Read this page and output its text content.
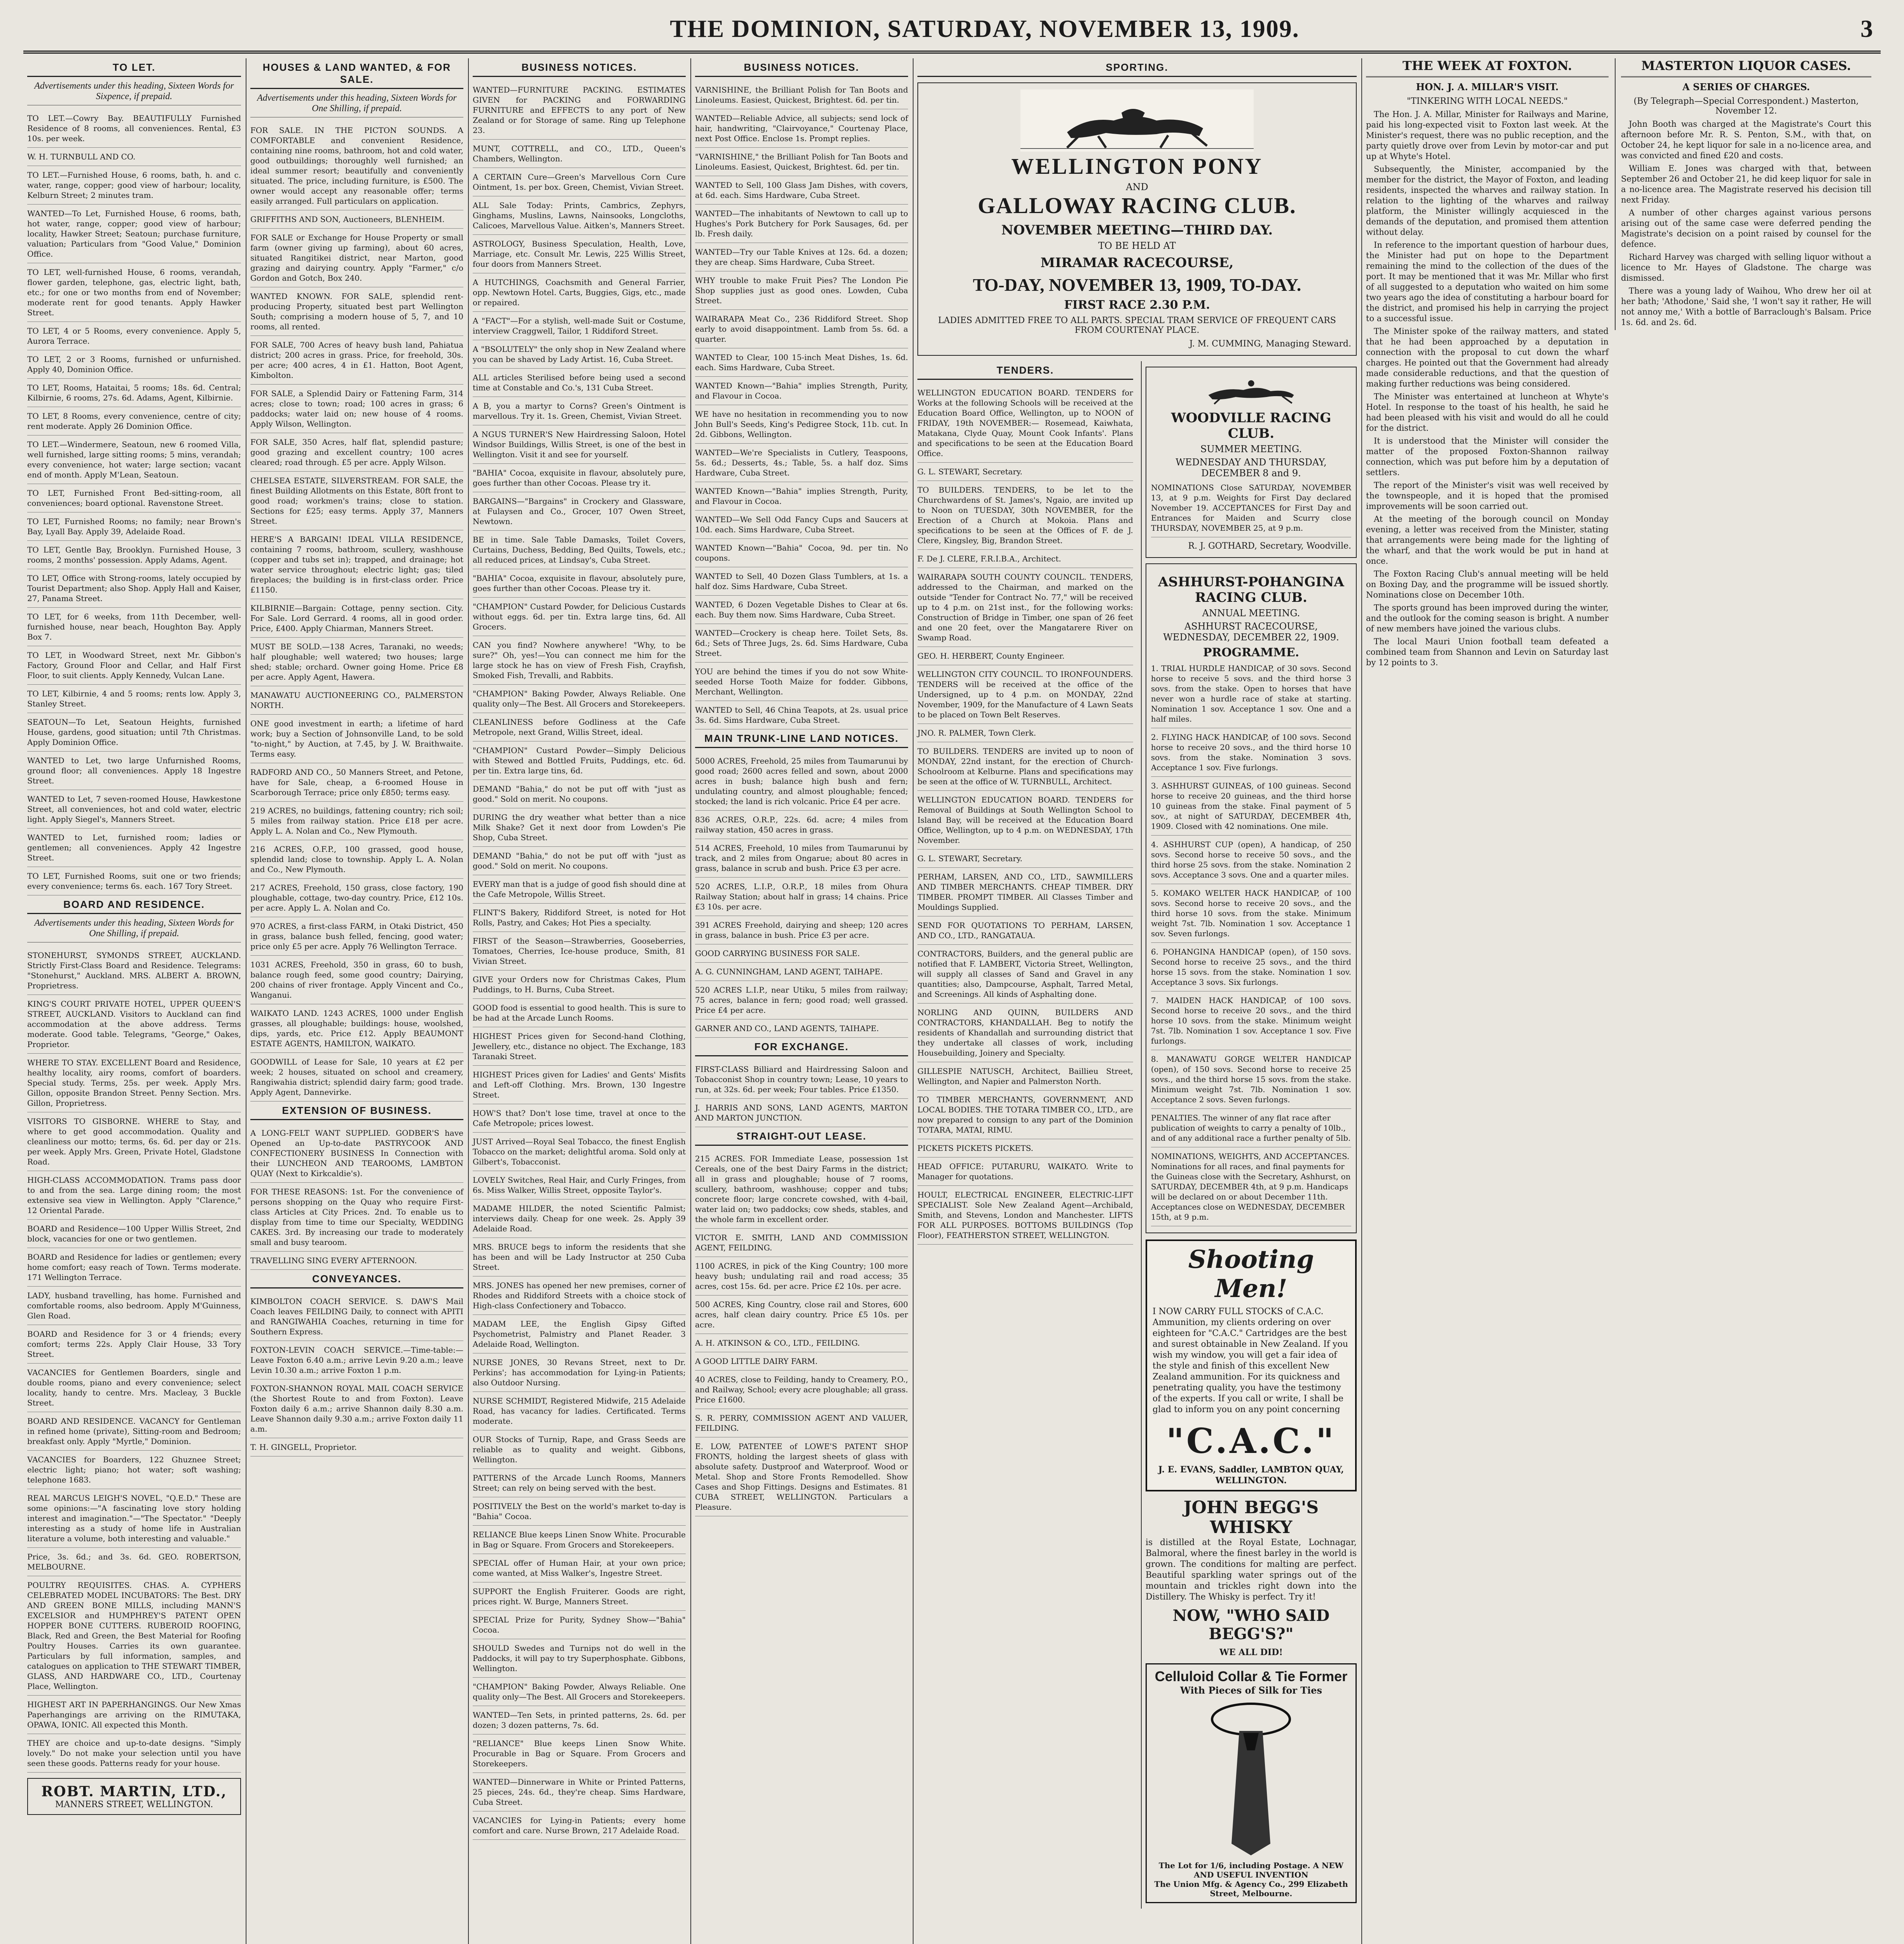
THE DOMINION, SATURDAY, NOVEMBER 13, 1909.	3
TO LET.
Advertisements under this heading, Sixteen Words for Sixpence, if prepaid.
TO LET.—Cowry Bay. BEAUTIFULLY Furnished Residence of 8 rooms, all conveniences. Rental, £3 10s. per week.
W. H. TURNBULL AND CO.
TO LET.—Furnished House, 6 rooms, bath, h. and c. water, range, copper; good view of harbour; locality, Kelburn Street; 2 minutes tram.
WANTED—To Let, Furnished House, 6 rooms, bath, hot water, range, copper; good view of harbour; locality, Hawker Street; Seatoun; purchase furniture, valuation; Particulars from "Good Value," Dominion Office.
TO LET, well-furnished House, 6 rooms, verandah, flower garden, telephone, gas, electric light, bath, etc.; for one or two months from end of November; moderate rent for good tenants. Apply Hawker Street.
TO LET, 4 or 5 Rooms, every convenience. Apply 5, Aurora Terrace.
TO LET, 2 or 3 Rooms, furnished or unfurnished. Apply 40, Dominion Office.
TO LET, Rooms, Hataitai, 5 rooms; 18s. 6d. Central; Kilbirnie, 6 rooms, 27s. 6d. Adams, Agent, Kilbirnie.
TO LET, 8 Rooms, every convenience, centre of city; rent moderate. Apply 26 Dominion Office.
TO LET.—Windermere, Seatoun, new 6 roomed Villa, well furnished, large sitting rooms; 5 mins, verandah; every convenience, hot water; large section; vacant end of month. Apply M'Lean, Seatoun.
TO LET, Furnished Front Bed-sitting-room, all conveniences; board optional. Ravenstone Street.
TO LET, Furnished Rooms; no family; near Brown's Bay, Lyall Bay. Apply 39, Adelaide Road.
TO LET, Gentle Bay, Brooklyn. Furnished House, 3 rooms, 2 months' possession. Apply Adams, Agent.
TO LET, Office with Strong-rooms, lately occupied by Tourist Department; also Shop. Apply Hall and Kaiser, 27, Panama Street.
TO LET, for 6 weeks, from 11th December, well-furnished house, near beach, Houghton Bay. Apply Box 7.
TO LET, in Woodward Street, next Mr. Gibbon's Factory, Ground Floor and Cellar, and Half First Floor, to suit clients. Apply Kennedy, Vulcan Lane.
TO LET, Kilbirnie, 4 and 5 rooms; rents low. Apply 3, Stanley Street.
SEATOUN—To Let, Seatoun Heights, furnished House, gardens, good situation; until 7th Christmas. Apply Dominion Office.
WANTED to Let, two large Unfurnished Rooms, ground floor; all conveniences. Apply 18 Ingestre Street.
WANTED to Let, 7 seven-roomed House, Hawkestone Street, all conveniences, hot and cold water, electric light. Apply Siegel's, Manners Street.
WANTED to Let, furnished room; ladies or gentlemen; all conveniences. Apply 42 Ingestre Street.
TO LET, Furnished Rooms, suit one or two friends; every convenience; terms 6s. each. 167 Tory Street.
BOARD AND RESIDENCE.
Advertisements under this heading, Sixteen Words for One Shilling, if prepaid.
STONEHURST, SYMONDS STREET, AUCKLAND. Strictly First-Class Board and Residence. Telegrams: "Stonehurst," Auckland. MRS. ALBERT A. BROWN, Proprietress.
KING'S COURT PRIVATE HOTEL, UPPER QUEEN'S STREET, AUCKLAND. Visitors to Auckland can find accommodation at the above address. Terms moderate. Good table. Telegrams, "George," Oakes, Proprietor.
WHERE TO STAY. EXCELLENT Board and Residence, healthy locality, airy rooms, comfort of boarders. Special study. Terms, 25s. per week. Apply Mrs. Gillon, opposite Brandon Street. Penny Section. Mrs. Gillon, Proprietress.
VISITORS TO GISBORNE. WHERE to Stay, and where to get good accommodation. Quality and cleanliness our motto; terms, 6s. 6d. per day or 21s. per week. Apply Mrs. Green, Private Hotel, Gladstone Road.
HIGH-CLASS ACCOMMODATION. Trams pass door to and from the sea. Large dining room; the most extensive sea view in Wellington. Apply "Clarence," 12 Oriental Parade.
BOARD and Residence—100 Upper Willis Street, 2nd block, vacancies for one or two gentlemen.
BOARD and Residence for ladies or gentlemen; every home comfort; easy reach of Town. Terms moderate. 171 Wellington Terrace.
LADY, husband travelling, has home. Furnished and comfortable rooms, also bedroom. Apply M'Guinness, Glen Road.
BOARD and Residence for 3 or 4 friends; every comfort; terms 22s. Apply Clair House, 33 Tory Street.
VACANCIES for Gentlemen Boarders, single and double rooms, piano and every convenience; select locality, handy to centre. Mrs. Macleay, 3 Buckle Street.
BOARD AND RESIDENCE. VACANCY for Gentleman in refined home (private), Sitting-room and Bedroom; breakfast only. Apply "Myrtle," Dominion.
VACANCIES for Boarders, 122 Ghuznee Street; electric light; piano; hot water; soft washing; telephone 1683.
REAL MARCUS LEIGH'S NOVEL, "Q.E.D." These are some opinions:—"A fascinating love story holding interest and imagination."—"The Spectator." "Deeply interesting as a study of home life in Australian literature a volume, both interesting and valuable."
Price, 3s. 6d.; and 3s. 6d. GEO. ROBERTSON, MELBOURNE.
POULTRY REQUISITES. CHAS. A. CYPHERS CELEBRATED MODEL INCUBATORS: The Best. DRY AND GREEN BONE MILLS, including MANN'S EXCELSIOR and HUMPHREY'S PATENT OPEN HOPPER BONE CUTTERS. RUBEROID ROOFING, Black, Red and Green, the Best Material for Roofing Poultry Houses. Carries its own guarantee. Particulars by full information, samples, and catalogues on application to THE STEWART TIMBER, GLASS, AND HARDWARE CO., LTD., Courtenay Place, Wellington.
HIGHEST ART IN PAPERHANGINGS. Our New Xmas Paperhangings are arriving on the RIMUTAKA, OPAWA, IONIC. All expected this Month.
THEY are choice and up-to-date designs. "Simply lovely." Do not make your selection until you have seen these goods. Patterns ready for your house.
ROBT. MARTIN, LTD.,
MANNERS STREET, WELLINGTON.
HOUSES & LAND WANTED, & FOR SALE.
Advertisements under this heading, Sixteen Words for One Shilling, if prepaid.
FOR SALE. IN THE PICTON SOUNDS. A COMFORTABLE and convenient Residence, containing nine rooms, bathroom, hot and cold water, good outbuildings; thoroughly well furnished; an ideal summer resort; beautifully and conveniently situated. The price, including furniture, is £500. The owner would accept any reasonable offer; terms easily arranged. Full particulars on application.
GRIFFITHS AND SON, Auctioneers, BLENHEIM.
FOR SALE or Exchange for House Property or small farm (owner giving up farming), about 60 acres, situated Rangitikei district, near Marton, good grazing and dairying country. Apply "Farmer," c/o Gordon and Gotch, Box 240.
WANTED KNOWN. FOR SALE, splendid rent-producing Property, situated best part Wellington South; comprising a modern house of 5, 7, and 10 rooms, all rented.
FOR SALE, 700 Acres of heavy bush land, Pahiatua district; 200 acres in grass. Price, for freehold, 30s. per acre; 400 acres, 4 in £1. Hatton, Boot Agent, Kimbolton.
FOR SALE, a Splendid Dairy or Fattening Farm, 314 acres; close to town; road; 100 acres in grass; 6 paddocks; water laid on; new house of 4 rooms. Apply Wilson, Wellington.
FOR SALE, 350 Acres, half flat, splendid pasture; good grazing and excellent country; 100 acres cleared; road through. £5 per acre. Apply Wilson.
CHELSEA ESTATE, SILVERSTREAM. FOR SALE, the finest Building Allotments on this Estate, 80ft front to good road; workmen's trains; close to station. Sections for £25; easy terms. Apply 37, Manners Street.
HERE'S A BARGAIN! IDEAL VILLA RESIDENCE, containing 7 rooms, bathroom, scullery, washhouse (copper and tubs set in); trapped, and drainage; hot water service throughout; electric light; gas; tiled fireplaces; the building is in first-class order. Price £1150.
KILBIRNIE—Bargain: Cottage, penny section. City. For Sale. Lord Gerrard. 4 rooms, all in good order. Price, £400. Apply Chiarman, Manners Street.
MUST BE SOLD.—138 Acres, Taranaki, no weeds; half ploughable; well watered; two houses; large shed; stable; orchard. Owner going Home. Price £8 per acre. Apply Agent, Hawera.
MANAWATU AUCTIONEERING CO., PALMERSTON NORTH.
ONE good investment in earth; a lifetime of hard work; buy a Section of Johnsonville Land, to be sold "to-night," by Auction, at 7.45, by J. W. Braithwaite. Terms easy.
RADFORD AND CO., 50 Manners Street, and Petone, have for Sale, cheap, a 6-roomed House in Scarborough Terrace; price only £850; terms easy.
219 ACRES, no buildings, fattening country; rich soil; 5 miles from railway station. Price £18 per acre. Apply L. A. Nolan and Co., New Plymouth.
216 ACRES, O.F.P., 100 grassed, good house, splendid land; close to township. Apply L. A. Nolan and Co., New Plymouth.
217 ACRES, Freehold, 150 grass, close factory, 190 ploughable, cottage, two-day country. Price, £12 10s. per acre. Apply L. A. Nolan and Co.
970 ACRES, a first-class FARM, in Otaki District, 450 in grass, balance bush felled, fencing, good water; price only £5 per acre. Apply 76 Wellington Terrace.
1031 ACRES, Freehold, 350 in grass, 60 to bush, balance rough feed, some good country; Dairying, 200 chains of river frontage. Apply Vincent and Co., Wanganui.
WAIKATO LAND. 1243 ACRES, 1000 under English grasses, all ploughable; buildings: house, woolshed, dips, yards, etc. Price £12. Apply BEAUMONT ESTATE AGENTS, HAMILTON, WAIKATO.
GOODWILL of Lease for Sale, 10 years at £2 per week; 2 houses, situated on school and creamery, Rangiwahia district; splendid dairy farm; good trade. Apply Agent, Dannevirke.
EXTENSION OF BUSINESS.
A LONG-FELT WANT SUPPLIED. GODBER'S have Opened an Up-to-date PASTRYCOOK AND CONFECTIONERY BUSINESS In Connection with their LUNCHEON AND TEAROOMS, LAMBTON QUAY (Next to Kirkcaldie's).
FOR THESE REASONS: 1st. For the convenience of persons shopping on the Quay who require First-class Articles at City Prices. 2nd. To enable us to display from time to time our Specialty, WEDDING CAKES. 3rd. By increasing our trade to moderately small and busy tearoom.
TRAVELLING SING EVERY AFTERNOON.
CONVEYANCES.
KIMBOLTON COACH SERVICE. S. DAW'S Mail Coach leaves FEILDING Daily, to connect with APITI and RANGIWAHIA Coaches, returning in time for Southern Express.
FOXTON-LEVIN COACH SERVICE.—Time-table:—Leave Foxton 6.40 a.m.; arrive Levin 9.20 a.m.; leave Levin 10.30 a.m.; arrive Foxton 1 p.m.
FOXTON-SHANNON ROYAL MAIL COACH SERVICE (the Shortest Route to and from Foxton). Leave Foxton daily 6 a.m.; arrive Shannon daily 8.30 a.m. Leave Shannon daily 9.30 a.m.; arrive Foxton daily 11 a.m.
T. H. GINGELL, Proprietor.
BUSINESS NOTICES.
WANTED—FURNITURE PACKING. ESTIMATES GIVEN for PACKING and FORWARDING FURNITURE and EFFECTS to any port of New Zealand or for Storage of same. Ring up Telephone 23.
MUNT, COTTRELL, and CO., LTD., Queen's Chambers, Wellington.
A CERTAIN Cure—Green's Marvellous Corn Cure Ointment, 1s. per box. Green, Chemist, Vivian Street.
ALL Sale Today: Prints, Cambrics, Zephyrs, Ginghams, Muslins, Lawns, Nainsooks, Longcloths, Calicoes, Marvellous Value. Aitken's, Manners Street.
ASTROLOGY, Business Speculation, Health, Love, Marriage, etc. Consult Mr. Lewis, 225 Willis Street, four doors from Manners Street.
A HUTCHINGS, Coachsmith and General Farrier, opp. Newtown Hotel. Carts, Buggies, Gigs, etc., made or repaired.
A "FACT"—For a stylish, well-made Suit or Costume, interview Craggwell, Tailor, 1 Riddiford Street.
A "BSOLUTELY" the only shop in New Zealand where you can be shaved by Lady Artist. 16, Cuba Street.
ALL articles Sterilised before being used a second time at Constable and Co.'s, 131 Cuba Street.
A B, you a martyr to Corns? Green's Ointment is marvellous. Try it. 1s. Green, Chemist, Vivian Street.
A NGUS TURNER'S New Hairdressing Saloon, Hotel Windsor Buildings, Willis Street, is one of the best in Wellington. Visit it and see for yourself.
"BAHIA" Cocoa, exquisite in flavour, absolutely pure, goes further than other Cocoas. Please try it.
BARGAINS—"Bargains" in Crockery and Glassware, at Fulaysen and Co., Grocer, 107 Owen Street, Newtown.
BE in time. Sale Table Damasks, Toilet Covers, Curtains, Duchess, Bedding, Bed Quilts, Towels, etc.; all reduced prices, at Lindsay's, Cuba Street.
"BAHIA" Cocoa, exquisite in flavour, absolutely pure, goes further than other Cocoas. Please try it.
"CHAMPION" Custard Powder, for Delicious Custards without eggs. 6d. per tin. Extra large tins, 6d. All Grocers.
CAN you find? Nowhere anywhere! "Why, to be sure?" Oh, yes!—You can connect me him for the large stock he has on view of Fresh Fish, Crayfish, Smoked Fish, Trevalli, and Rabbits.
"CHAMPION" Baking Powder, Always Reliable. One quality only—The Best. All Grocers and Storekeepers.
CLEANLINESS before Godliness at the Cafe Metropole, next Grand, Willis Street, ideal.
"CHAMPION" Custard Powder—Simply Delicious with Stewed and Bottled Fruits, Puddings, etc. 6d. per tin. Extra large tins, 6d.
DEMAND "Bahia," do not be put off with "just as good." Sold on merit. No coupons.
DURING the dry weather what better than a nice Milk Shake? Get it next door from Lowden's Pie Shop, Cuba Street.
DEMAND "Bahia," do not be put off with "just as good." Sold on merit. No coupons.
EVERY man that is a judge of good fish should dine at the Cafe Metropole, Willis Street.
FLINT'S Bakery, Riddiford Street, is noted for Hot Rolls, Pastry, and Cakes; Hot Pies a specialty.
FIRST of the Season—Strawberries, Gooseberries, Tomatoes, Cherries, Ice-house produce, Smith, 81 Vivian Street.
GIVE your Orders now for Christmas Cakes, Plum Puddings, to H. Burns, Cuba Street.
GOOD food is essential to good health. This is sure to be had at the Arcade Lunch Rooms.
HIGHEST Prices given for Second-hand Clothing, Jewellery, etc., distance no object. The Exchange, 183 Taranaki Street.
HIGHEST Prices given for Ladies' and Gents' Misfits and Left-off Clothing. Mrs. Brown, 130 Ingestre Street.
HOW'S that? Don't lose time, travel at once to the Cafe Metropole; prices lowest.
JUST Arrived—Royal Seal Tobacco, the finest English Tobacco on the market; delightful aroma. Sold only at Gilbert's, Tobacconist.
LOVELY Switches, Real Hair, and Curly Fringes, from 6s. Miss Walker, Willis Street, opposite Taylor's.
MADAME HILDER, the noted Scientific Palmist; interviews daily. Cheap for one week. 2s. Apply 39 Adelaide Road.
MRS. BRUCE begs to inform the residents that she has been and will be Lady Instructor at 250 Cuba Street.
MRS. JONES has opened her new premises, corner of Rhodes and Riddiford Streets with a choice stock of High-class Confectionery and Tobacco.
MADAM LEE, the English Gipsy Gifted Psychometrist, Palmistry and Planet Reader. 3 Adelaide Road, Wellington.
NURSE JONES, 30 Revans Street, next to Dr. Perkins'; has accommodation for Lying-in Patients; also Outdoor Nursing.
NURSE SCHMIDT, Registered Midwife, 215 Adelaide Road, has vacancy for ladies. Certificated. Terms moderate.
OUR Stocks of Turnip, Rape, and Grass Seeds are reliable as to quality and weight. Gibbons, Wellington.
PATTERNS of the Arcade Lunch Rooms, Manners Street; can rely on being served with the best.
POSITIVELY the Best on the world's market to-day is "Bahia" Cocoa.
RELIANCE Blue keeps Linen Snow White. Procurable in Bag or Square. From Grocers and Storekeepers.
SPECIAL offer of Human Hair, at your own price; come wanted, at Miss Walker's, Ingestre Street.
SUPPORT the English Fruiterer. Goods are right, prices right. W. Burge, Manners Street.
SPECIAL Prize for Purity, Sydney Show—"Bahia" Cocoa.
SHOULD Swedes and Turnips not do well in the Paddocks, it will pay to try Superphosphate. Gibbons, Wellington.
"CHAMPION" Baking Powder, Always Reliable. One quality only—The Best. All Grocers and Storekeepers.
WANTED—Ten Sets, in printed patterns, 2s. 6d. per dozen; 3 dozen patterns, 7s. 6d.
"RELIANCE" Blue keeps Linen Snow White. Procurable in Bag or Square. From Grocers and Storekeepers.
WANTED—Dinnerware in White or Printed Patterns, 25 pieces, 24s. 6d., they're cheap. Sims Hardware, Cuba Street.
VACANCIES for Lying-in Patients; every home comfort and care. Nurse Brown, 217 Adelaide Road.
BUSINESS NOTICES.
VARNISHINE, the Brilliant Polish for Tan Boots and Linoleums. Easiest, Quickest, Brightest. 6d. per tin.
WANTED—Reliable Advice, all subjects; send lock of hair, handwriting, "Clairvoyance," Courtenay Place, next Post Office. Enclose 1s. Prompt replies.
"VARNISHINE," the Brilliant Polish for Tan Boots and Linoleums. Easiest, Quickest, Brightest. 6d. per tin.
WANTED to Sell, 100 Glass Jam Dishes, with covers, at 6d. each. Sims Hardware, Cuba Street.
WANTED—The inhabitants of Newtown to call up to Hughes's Pork Butchery for Pork Sausages, 6d. per lb. Fresh daily.
WANTED—Try our Table Knives at 12s. 6d. a dozen; they are cheap. Sims Hardware, Cuba Street.
WHY trouble to make Fruit Pies? The London Pie Shop supplies just as good ones. Lowden, Cuba Street.
WAIRARAPA Meat Co., 236 Riddiford Street. Shop early to avoid disappointment. Lamb from 5s. 6d. a quarter.
WANTED to Clear, 100 15-inch Meat Dishes, 1s. 6d. each. Sims Hardware, Cuba Street.
WANTED Known—"Bahia" implies Strength, Purity, and Flavour in Cocoa.
WE have no hesitation in recommending you to now John Bull's Seeds, King's Pedigree Stock, 11b. cut. In 2d. Gibbons, Wellington.
WANTED—We're Specialists in Cutlery, Teaspoons, 5s. 6d.; Desserts, 4s.; Table, 5s. a half doz. Sims Hardware, Cuba Street.
WANTED Known—"Bahia" implies Strength, Purity, and Flavour in Cocoa.
WANTED—We Sell Odd Fancy Cups and Saucers at 10d. each. Sims Hardware, Cuba Street.
WANTED Known—"Bahia" Cocoa, 9d. per tin. No coupons.
WANTED to Sell, 40 Dozen Glass Tumblers, at 1s. a half doz. Sims Hardware, Cuba Street.
WANTED, 6 Dozen Vegetable Dishes to Clear at 6s. each. Buy them now. Sims Hardware, Cuba Street.
WANTED—Crockery is cheap here. Toilet Sets, 8s. 6d.; Sets of Three Jugs, 2s. 6d. Sims Hardware, Cuba Street.
YOU are behind the times if you do not sow White-seeded Horse Tooth Maize for fodder. Gibbons, Merchant, Wellington.
WANTED to Sell, 46 China Teapots, at 2s. usual price 3s. 6d. Sims Hardware, Cuba Street.
MAIN TRUNK-LINE LAND NOTICES.
5000 ACRES, Freehold, 25 miles from Taumarunui by good road; 2600 acres felled and sown, about 2000 acres in bush; balance high bush and fern; undulating country, and almost ploughable; fenced; stocked; the land is rich volcanic. Price £4 per acre.
836 ACRES, O.R.P., 22s. 6d. acre; 4 miles from railway station, 450 acres in grass.
514 ACRES, Freehold, 10 miles from Taumarunui by track, and 2 miles from Ongarue; about 80 acres in grass, balance in scrub and bush. Price £3 per acre.
520 ACRES, L.I.P., O.R.P., 18 miles from Ohura Railway Station; about half in grass; 14 chains. Price £3 10s. per acre.
391 ACRES Freehold, dairying and sheep; 120 acres in grass, balance in bush. Price £3 per acre.
GOOD CARRYING BUSINESS FOR SALE.
A. G. CUNNINGHAM, LAND AGENT, TAIHAPE.
520 ACRES L.I.P., near Utiku, 5 miles from railway; 75 acres, balance in fern; good road; well grassed. Price £4 per acre.
GARNER AND CO., LAND AGENTS, TAIHAPE.
FOR EXCHANGE.
FIRST-CLASS Billiard and Hairdressing Saloon and Tobacconist Shop in country town; Lease, 10 years to run, at 32s. 6d. per week; Four tables. Price £1350.
J. HARRIS AND SONS, LAND AGENTS, MARTON AND MARTON JUNCTION.
STRAIGHT-OUT LEASE.
215 ACRES. FOR Immediate Lease, possession 1st Cereals, one of the best Dairy Farms in the district; all in grass and ploughable; house of 7 rooms, scullery, bathroom, washhouse; copper and tubs; concrete floor; large concrete cowshed, with 4-bail, water laid on; two paddocks; cow sheds, stables, and the whole farm in excellent order.
VICTOR E. SMITH, LAND AND COMMISSION AGENT, FEILDING.
1100 ACRES, in pick of the King Country; 100 more heavy bush; undulating rail and road access; 35 acres, cost 15s. 6d. per acre. Price £2 10s. per acre.
500 ACRES, King Country, close rail and Stores, 600 acres, half clean dairy country. Price £5 10s. per acre.
A. H. ATKINSON & CO., LTD., FEILDING.
A GOOD LITTLE DAIRY FARM.
40 ACRES, close to Feilding, handy to Creamery, P.O., and Railway, School; every acre ploughable; all grass. Price £1600.
S. R. PERRY, COMMISSION AGENT AND VALUER, FEILDING.
E. LOW, PATENTEE of LOWE'S PATENT SHOP FRONTS, holding the largest sheets of glass with absolute safety. Dustproof and Waterproof. Wood or Metal. Shop and Store Fronts Remodelled. Show Cases and Shop Fittings. Designs and Estimates. 81 CUBA STREET, WELLINGTON. Particulars a Pleasure.
SPORTING.
WELLINGTON PONY
AND
GALLOWAY RACING CLUB.
NOVEMBER MEETING—THIRD DAY.
TO BE HELD AT
MIRAMAR RACECOURSE,
TO-DAY, NOVEMBER 13, 1909, TO-DAY.
FIRST RACE 2.30 P.M.
LADIES ADMITTED FREE TO ALL PARTS. SPECIAL TRAM SERVICE OF FREQUENT CARS FROM COURTENAY PLACE.
J. M. CUMMING, Managing Steward.
TENDERS.
WELLINGTON EDUCATION BOARD. TENDERS for Works at the following Schools will be received at the Education Board Office, Wellington, up to NOON of FRIDAY, 19th NOVEMBER:— Rosemead, Kaiwhata, Matakana, Clyde Quay, Mount Cook Infants'. Plans and specifications to be seen at the Education Board Office.
G. L. STEWART, Secretary.
TO BUILDERS. TENDERS, to be let to the Churchwardens of St. James's, Ngaio, are invited up to Noon on TUESDAY, 30th NOVEMBER, for the Erection of a Church at Mokoia. Plans and specifications to be seen at the Offices of F. de J. Clere, Kingsley, Big, Brandon Street.
F. De J. CLERE, F.R.I.B.A., Architect.
WAIRARAPA SOUTH COUNTY COUNCIL. TENDERS, addressed to the Chairman, and marked on the outside "Tender for Contract No. 77," will be received up to 4 p.m. on 21st inst., for the following works: Construction of Bridge in Timber, one span of 26 feet and one 20 feet, over the Mangatarere River on Swamp Road.
GEO. H. HERBERT, County Engineer.
WELLINGTON CITY COUNCIL. TO IRONFOUNDERS. TENDERS will be received at the office of the Undersigned, up to 4 p.m. on MONDAY, 22nd November, 1909, for the Manufacture of 4 Lawn Seats to be placed on Town Belt Reserves.
JNO. R. PALMER, Town Clerk.
TO BUILDERS. TENDERS are invited up to noon of MONDAY, 22nd instant, for the erection of Church-Schoolroom at Kelburne. Plans and specifications may be seen at the office of W. TURNBULL, Architect.
WELLINGTON EDUCATION BOARD. TENDERS for Removal of Buildings at South Wellington School to Island Bay, will be received at the Education Board Office, Wellington, up to 4 p.m. on WEDNESDAY, 17th November.
G. L. STEWART, Secretary.
PERHAM, LARSEN, AND CO., LTD., SAWMILLERS AND TIMBER MERCHANTS. CHEAP TIMBER. DRY TIMBER. PROMPT TIMBER. All Classes Timber and Mouldings Supplied.
SEND FOR QUOTATIONS TO PERHAM, LARSEN, AND CO., LTD., RANGATAUA.
CONTRACTORS, Builders, and the general public are notified that F. LAMBERT, Victoria Street, Wellington, will supply all classes of Sand and Gravel in any quantities; also, Dampcourse, Asphalt, Tarred Metal, and Screenings. All kinds of Asphalting done.
NORLING AND QUINN, BUILDERS AND CONTRACTORS, KHANDALLAH. Beg to notify the residents of Khandallah and surrounding district that they undertake all classes of work, including Housebuilding, Joinery and Specialty.
GILLESPIE NATUSCH, Architect, Baillieu Street, Wellington, and Napier and Palmerston North.
TO TIMBER MERCHANTS, GOVERNMENT, AND LOCAL BODIES. THE TOTARA TIMBER CO., LTD., are now prepared to consign to any part of the Dominion TOTARA, MATAI, RIMU.
PICKETS PICKETS PICKETS.
HEAD OFFICE: PUTARURU, WAIKATO. Write to Manager for quotations.
HOULT, ELECTRICAL ENGINEER, ELECTRIC-LIFT SPECIALIST. Sole New Zealand Agent—Archibald, Smith, and Stevens, London and Manchester. LIFTS FOR ALL PURPOSES. BOTTOMS BUILDINGS (Top Floor), FEATHERSTON STREET, WELLINGTON.
WOODVILLE RACING CLUB.
SUMMER MEETING.
WEDNESDAY AND THURSDAY, DECEMBER 8 and 9.
NOMINATIONS Close SATURDAY, NOVEMBER 13, at 9 p.m. Weights for First Day declared November 19. ACCEPTANCES for First Day and Entrances for Maiden and Scurry close THURSDAY, NOVEMBER 25, at 9 p.m.
R. J. GOTHARD, Secretary, Woodville.
ASHHURST-POHANGINA RACING CLUB.
ANNUAL MEETING.
ASHHURST RACECOURSE, WEDNESDAY, DECEMBER 22, 1909.
PROGRAMME.
1. TRIAL HURDLE HANDICAP, of 30 sovs. Second horse to receive 5 sovs. and the third horse 3 sovs. from the stake. Open to horses that have never won a hurdle race of stake at starting. Nomination 1 sov. Acceptance 1 sov. One and a half miles.
2. FLYING HACK HANDICAP, of 100 sovs. Second horse to receive 20 sovs., and the third horse 10 sovs. from the stake. Nomination 3 sovs. Acceptance 1 sov. Five furlongs.
3. ASHHURST GUINEAS, of 100 guineas. Second horse to receive 20 guineas, and the third horse 10 guineas from the stake. Final payment of 5 sov., at night of SATURDAY, DECEMBER 4th, 1909. Closed with 42 nominations. One mile.
4. ASHHURST CUP (open), A handicap, of 250 sovs. Second horse to receive 50 sovs., and the third horse 25 sovs. from the stake. Nomination 2 sovs. Acceptance 3 sovs. One and a quarter miles.
5. KOMAKO WELTER HACK HANDICAP, of 100 sovs. Second horse to receive 20 sovs., and the third horse 10 sovs. from the stake. Minimum weight 7st. 7lb. Nomination 1 sov. Acceptance 1 sov. Seven furlongs.
6. POHANGINA HANDICAP (open), of 150 sovs. Second horse to receive 25 sovs., and the third horse 15 sovs. from the stake. Nomination 1 sov. Acceptance 3 sovs. Six furlongs.
7. MAIDEN HACK HANDICAP, of 100 sovs. Second horse to receive 20 sovs., and the third horse 10 sovs. from the stake. Minimum weight 7st. 7lb. Nomination 1 sov. Acceptance 1 sov. Five furlongs.
8. MANAWATU GORGE WELTER HANDICAP (open), of 150 sovs. Second horse to receive 25 sovs., and the third horse 15 sovs. from the stake. Minimum weight 7st. 7lb. Nomination 1 sov. Acceptance 2 sovs. Seven furlongs.
PENALTIES. The winner of any flat race after publication of weights to carry a penalty of 10lb., and of any additional race a further penalty of 5lb.
NOMINATIONS, WEIGHTS, AND ACCEPTANCES. Nominations for all races, and final payments for the Guineas close with the Secretary, Ashhurst, on SATURDAY, DECEMBER 4th, at 9 p.m. Handicaps will be declared on or about December 11th. Acceptances close on WEDNESDAY, DECEMBER 15th, at 9 p.m.
Shooting Men!
I NOW CARRY FULL STOCKS of C.A.C. Ammunition, my clients ordering on over eighteen for "C.A.C." Cartridges are the best and surest obtainable in New Zealand. If you wish my window, you will get a fair idea of the style and finish of this excellent New Zealand ammunition. For its quickness and penetrating quality, you have the testimony of the experts. If you call or write, I shall be glad to inform you on any point concerning
"C.A.C."
J. E. EVANS, Saddler, LAMBTON QUAY, WELLINGTON.
JOHN BEGG'S WHISKY
is distilled at the Royal Estate, Lochnagar, Balmoral, where the finest barley in the world is grown. The conditions for malting are perfect. Beautiful sparkling water springs out of the mountain and trickles right down into the Distillery. The Whisky is perfect. Try it!
NOW, "WHO SAID BEGG'S?"
WE ALL DID!
Celluloid Collar & Tie Former
With Pieces of Silk for Ties
The Lot for 1/6, including Postage. A NEW AND USEFUL INVENTION
The Union Mfg. & Agency Co., 299 Elizabeth Street, Melbourne.
THE WEEK AT FOXTON.
HON. J. A. MILLAR'S VISIT.
"TINKERING WITH LOCAL NEEDS."

The Hon. J. A. Millar, Minister for Railways and Marine, paid his long-expected visit to Foxton last week. At the Minister's request, there was no public reception, and the party quietly drove over from Levin by motor-car and put up at Whyte's Hotel.

Subsequently, the Minister, accompanied by the member for the district, the Mayor of Foxton, and leading residents, inspected the wharves and railway station. In relation to the lighting of the wharves and railway platform, the Minister willingly acquiesced in the demands of the deputation, and promised them attention without delay.

In reference to the important question of harbour dues, the Minister had put on hope to the Department remaining the mind to the collection of the dues of the port. It may be mentioned that it was Mr. Millar who first of all suggested to a deputation who waited on him some two years ago the idea of constituting a harbour board for the district, and promised his help in carrying the project to a successful issue.

The Minister spoke of the railway matters, and stated that he had been approached by a deputation in connection with the proposal to cut down the wharf charges. He pointed out that the Government had already made considerable reductions, and that the question of making further reductions was being considered.

The Minister was entertained at luncheon at Whyte's Hotel. In response to the toast of his health, he said he had been pleased with his visit and would do all he could for the district.

It is understood that the Minister will consider the matter of the proposed Foxton-Shannon railway connection, which was put before him by a deputation of settlers.

The report of the Minister's visit was well received by the townspeople, and it is hoped that the promised improvements will be soon carried out.

At the meeting of the borough council on Monday evening, a letter was received from the Minister, stating that arrangements were being made for the lighting of the wharf, and that the work would be put in hand at once.

The Foxton Racing Club's annual meeting will be held on Boxing Day, and the programme will be issued shortly. Nominations close on December 10th.

The sports ground has been improved during the winter, and the outlook for the coming season is bright. A number of new members have joined the various clubs.

The local Mauri Union football team defeated a combined team from Shannon and Levin on Saturday last by 12 points to 3.

MASTERTON LIQUOR CASES.
A SERIES OF CHARGES.
(By Telegraph—Special Correspondent.) Masterton, November 12.

John Booth was charged at the Magistrate's Court this afternoon before Mr. R. S. Penton, S.M., with that, on October 24, he kept liquor for sale in a no-licence area, and was convicted and fined £20 and costs.

William E. Jones was charged with that, between September 26 and October 21, he did keep liquor for sale in a no-licence area. The Magistrate reserved his decision till next Friday.

A number of other charges against various persons arising out of the same case were deferred pending the Magistrate's decision on a point raised by counsel for the defence.

Richard Harvey was charged with selling liquor without a licence to Mr. Hayes of Gladstone. The charge was dismissed.

There was a young lady of Waihou, Who drew her oil at her bath; 'Athodone,' Said she, 'I won't say it rather, He will not annoy me,' With a bottle of Barraclough's Balsam. Price 1s. 6d. and 2s. 6d.
